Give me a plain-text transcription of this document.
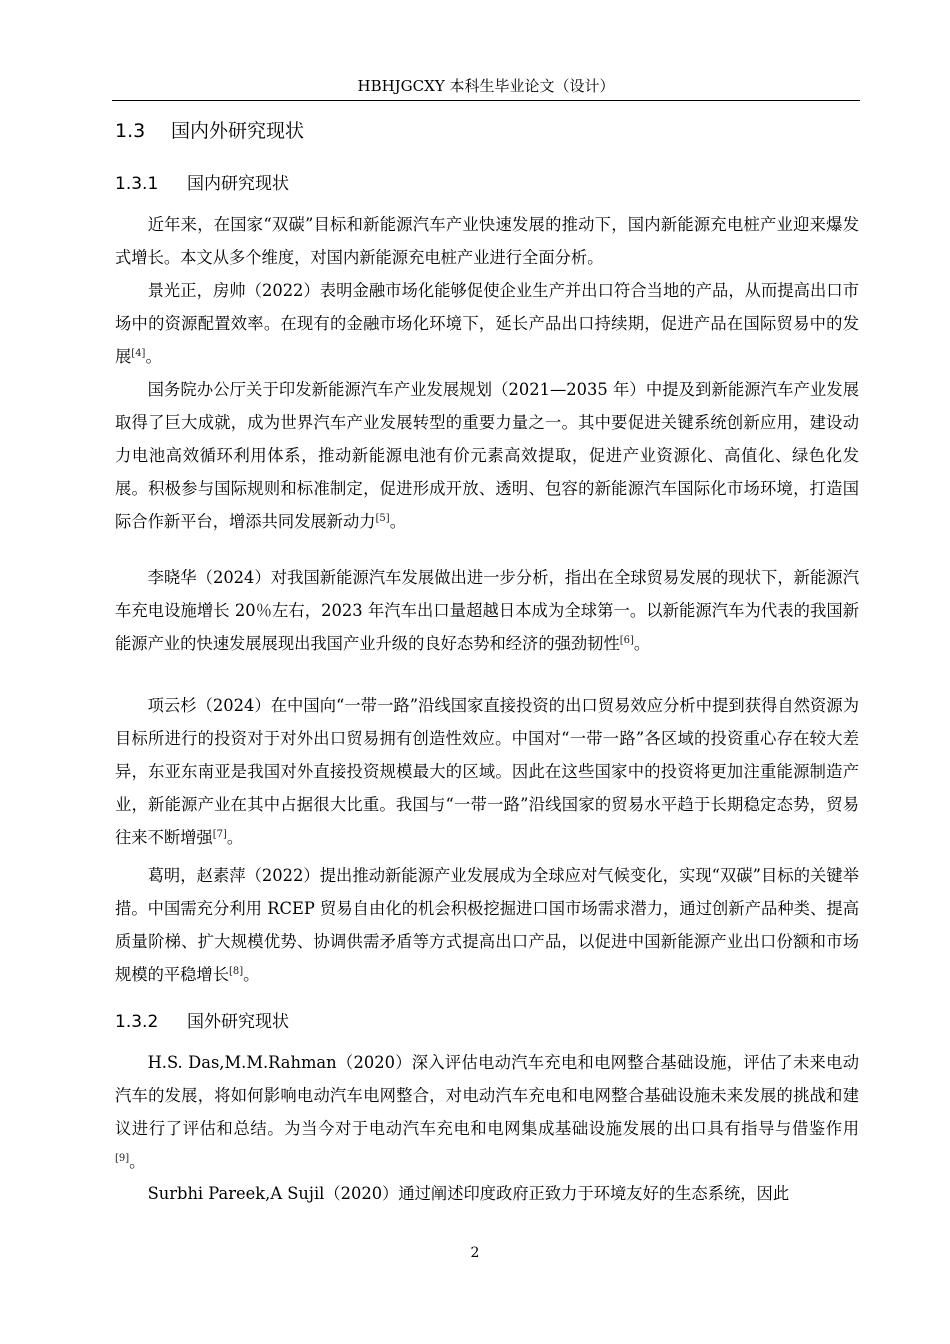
HBHJGCXY 本科生毕业论文（设计）
1.3 国内外研究现状
1.3.1 国内研究现状

近年来，在国家“双碳”目标和新能源汽车产业快速发展的推动下，国内新能源充电桩产业迎来爆发式增长。本文从多个维度，对国内新能源充电桩产业进行全面分析。

景光正，房帅（2022）表明金融市场化能够促使企业生产并出口符合当地的产品，从而提高出口市场中的资源配置效率。在现有的金融市场化环境下，延长产品出口持续期，促进产品在国际贸易中的发展[4]。

国务院办公厅关于印发新能源汽车产业发展规划（2021—2035 年）中提及到新能源汽车产业发展取得了巨大成就，成为世界汽车产业发展转型的重要力量之一。其中要促进关键系统创新应用，建设动力电池高效循环利用体系，推动新能源电池有价元素高效提取，促进产业资源化、高值化、绿色化发展。积极参与国际规则和标准制定，促进形成开放、透明、包容的新能源汽车国际化市场环境，打造国际合作新平台，增添共同发展新动力[5]。

李晓华（2024）对我国新能源汽车发展做出进一步分析，指出在全球贸易发展的现状下，新能源汽车充电设施增长 20％左右，2023 年汽车出口量超越日本成为全球第一。以新能源汽车为代表的我国新能源产业的快速发展展现出我国产业升级的良好态势和经济的强劲韧性[6]。

项云杉（2024）在中国向“一带一路”沿线国家直接投资的出口贸易效应分析中提到获得自然资源为目标所进行的投资对于对外出口贸易拥有创造性效应。中国对“一带一路”各区域的投资重心存在较大差异，东亚东南亚是我国对外直接投资规模最大的区域。因此在这些国家中的投资将更加注重能源制造产业，新能源产业在其中占据很大比重。我国与“一带一路”沿线国家的贸易水平趋于长期稳定态势，贸易往来不断增强[7]。

葛明，赵素萍（2022）提出推动新能源产业发展成为全球应对气候变化，实现“双碳”目标的关键举措。中国需充分利用 RCEP 贸易自由化的机会积极挖掘进口国市场需求潜力，通过创新产品种类、提高质量阶梯、扩大规模优势、协调供需矛盾等方式提高出口产品，以促进中国新能源产业出口份额和市场规模的平稳增长[8]。

1.3.2 国外研究现状

H.S. Das,M.M.Rahman（2020）深入评估电动汽车充电和电网整合基础设施，评估了未来电动汽车的发展，将如何影响电动汽车电网整合，对电动汽车充电和电网整合基础设施未来发展的挑战和建议进行了评估和总结。为当今对于电动汽车充电和电网集成基础设施发展的出口具有指导与借鉴作用[9]。

Surbhi Pareek,A Sujil（2020）通过阐述印度政府正致力于环境友好的生态系统，因此

2
